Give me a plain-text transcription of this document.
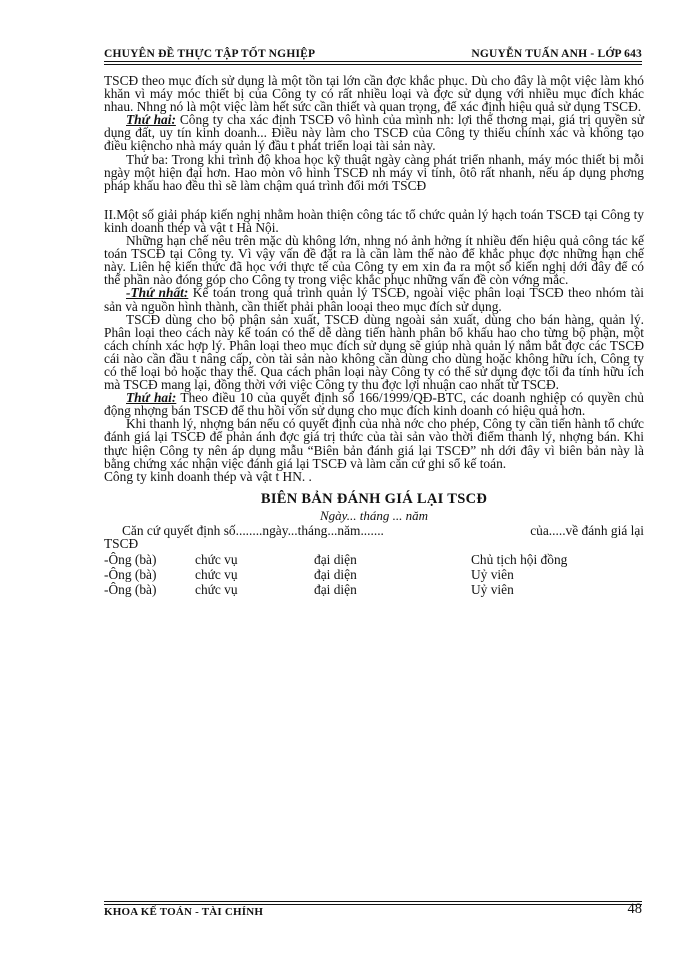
CHUYÊN ĐỀ THỰC TẬP TỐT NGHIỆP	NGUYỄN TUẤN ANH - LỚP 643

TSCĐ theo mục đích sử dụng là một tồn tại lớn cần đợc khắc phục. Dù cho đây là một việc làm khó khăn vì máy móc thiết bị của Công ty có rất nhiều loại và đợc sử dụng với nhiều mục đích khác nhau. Nhng nó là một việc làm hết sức cần thiết và quan trọng, để xác định hiệu quả sử dụng TSCĐ.

Thứ hai: Công ty cha xác định TSCĐ vô hình của mình nh: lợi thế thơng mại, giá trị quyền sử dụng đất, uy tín kinh doanh... Điều này làm cho TSCĐ của Công ty thiếu chính xác và không tạo điều kiệncho nhà máy quản lý đầu t phát triển loại tài sản này.

Thứ ba: Trong khi trình độ khoa học kỹ thuật ngày càng phát triển nhanh, máy móc thiết bị mỗi ngày một hiện đại hơn. Hao mòn vô hình TSCĐ nh máy vi tính, ôtô rất nhanh, nếu áp dụng phơng pháp khấu hao đều thì sẽ làm chậm quá trình đổi mới TSCĐ

II.Một số giải pháp kiến nghị nhằm hoàn thiện công tác tổ chức quản lý hạch toán TSCĐ tại Công ty kinh doanh thép và vật t Hà Nội.

Những hạn chế nêu trên mặc dù không lớn, nhng nó ảnh hởng ít nhiều đến hiệu quả công tác kế toán TSCĐ tại Công ty. Vì vậy vấn đề đặt ra là cần làm thế nào để khắc phục đợc những hạn chế này. Liên hệ kiến thức đã học với thực tế của Công ty em xin đa ra một số kiến nghị dới đây để có thể phần nào đóng góp cho Công ty trong việc khắc phục những vấn đề còn vớng mắc.

-Thứ nhất: Kế toán trong quá trình quản lý TSCĐ, ngoài việc phân loại TSCĐ theo nhóm tài sản và nguồn hình thành, cần thiết phải phân looại theo mục đích sử dụng.

TSCĐ dùng cho bộ phận sản xuất, TSCĐ dùng ngoài sản xuất, dùng cho bán hàng, quản lý. Phân loại theo cách này kế toán có thể dễ dàng tiến hành phân bổ khấu hao cho từng bộ phận, một cách chính xác hợp lý. Phân loại theo mục đích sử dụng sẽ giúp nhà quản lý nắm bắt đợc các TSCĐ cái nào cần đầu t nâng cấp, còn tài sản nào không cần dùng cho dùng hoặc không hữu ích, Công ty có thể loại bỏ hoặc thay thế. Qua cách phân loại này Công ty có thể sử dụng đợc tối đa tính hữu ích mà TSCĐ mang lại, đồng thời với việc Công ty thu đợc lợi nhuận cao nhất từ TSCĐ.

Thứ hai: Theo điều 10 của quyết định số 166/1999/QĐ-BTC, các doanh nghiệp có quyền chủ động nhợng bán TSCĐ để thu hồi vốn sử dụng cho mục đích kinh doanh có hiệu quả hơn.

Khi thanh lý, nhợng bán nếu có quyết định của nhà nớc cho phép, Công ty cần tiến hành tổ chức đánh giá lại TSCĐ để phản ánh đợc giá trị thức của tài sản vào thời điểm thanh lý, nhợng bán. Khi thực hiện Công ty nên áp dụng mẫu “Biên bản đánh giá lại TSCĐ” nh dới đây vì biên bản này là bằng chứng xác nhận việc đánh giá lại TSCĐ và làm căn cứ ghi sổ kế toán.

Công ty kinh doanh thép và vật t HN. .

BIÊN BẢN ĐÁNH GIÁ LẠI TSCĐ
Ngày... tháng ... năm
Căn cứ quyết định số........ngày...tháng...năm.......	của.....về đánh giá lại
TSCĐ
-Ông (bà)	chức vụ	đại diện	Chủ tịch hội đồng
-Ông (bà)	chức vụ	đại diện	Uỷ viên
-Ông (bà)	chức vụ	đại diện	Uỷ viên
KHOA KẾ TOÁN - TÀI CHÍNH	48
